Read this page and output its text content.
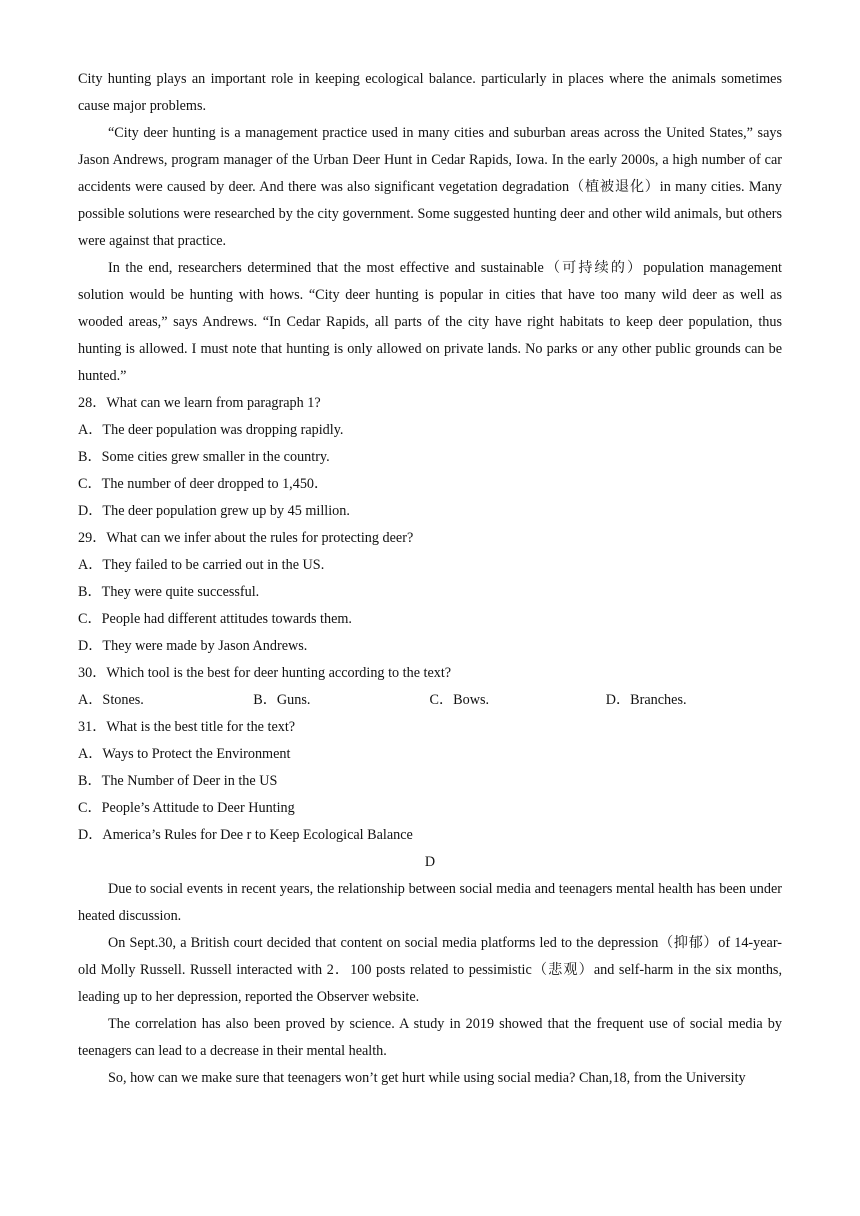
City hunting plays an important role in keeping ecological balance. particularly in places where the animals sometimes cause major problems.

“City deer hunting is a management practice used in many cities and suburban areas across the United States,” says Jason Andrews, program manager of the Urban Deer Hunt in Cedar Rapids, Iowa. In the early 2000s, a high number of car accidents were caused by deer. And there was also significant vegetation degradation（植被退化）in many cities. Many possible solutions were researched by the city government. Some suggested hunting deer and other wild animals, but others were against that practice.

In the end, researchers determined that the most effective and sustainable（可持续的）population management solution would be hunting with hows. “City deer hunting is popular in cities that have too many wild deer as well as wooded areas,” says Andrews. “In Cedar Rapids, all parts of the city have right habitats to keep deer population, thus hunting is allowed. I must note that hunting is only allowed on private lands. No parks or any other public grounds can be hunted.”

28．What can we learn from paragraph 1?

A．The deer population was dropping rapidly.

B．Some cities grew smaller in the country.

C．The number of deer dropped to 1,450．

D．The deer population grew up by 45 million.

29．What can we infer about the rules for protecting deer?

A．They failed to be carried out in the US.

B．They were quite successful.

C．People had different attitudes towards them.

D．They were made by Jason Andrews.

30．Which tool is the best for deer hunting according to the text?

A．Stones.	B．Guns.	C．Bows.	D．Branches.

31．What is the best title for the text?

A．Ways to Protect the Environment

B．The Number of Deer in the US

C．People’s Attitude to Deer Hunting

D．America’s Rules for Dee r to Keep Ecological Balance

D

Due to social events in recent years, the relationship between social media and teenagers mental health has been under heated discussion.

On Sept.30, a British court decided that content on social media platforms led to the depression（抑郁）of 14-year-old Molly Russell. Russell interacted with 2．100 posts related to pessimistic（悲观）and self-harm in the six months, leading up to her depression, reported the Observer website.

The correlation has also been proved by science. A study in 2019 showed that the frequent use of social media by teenagers can lead to a decrease in their mental health.

So, how can we make sure that teenagers won’t get hurt while using social media? Chan,18, from the University
